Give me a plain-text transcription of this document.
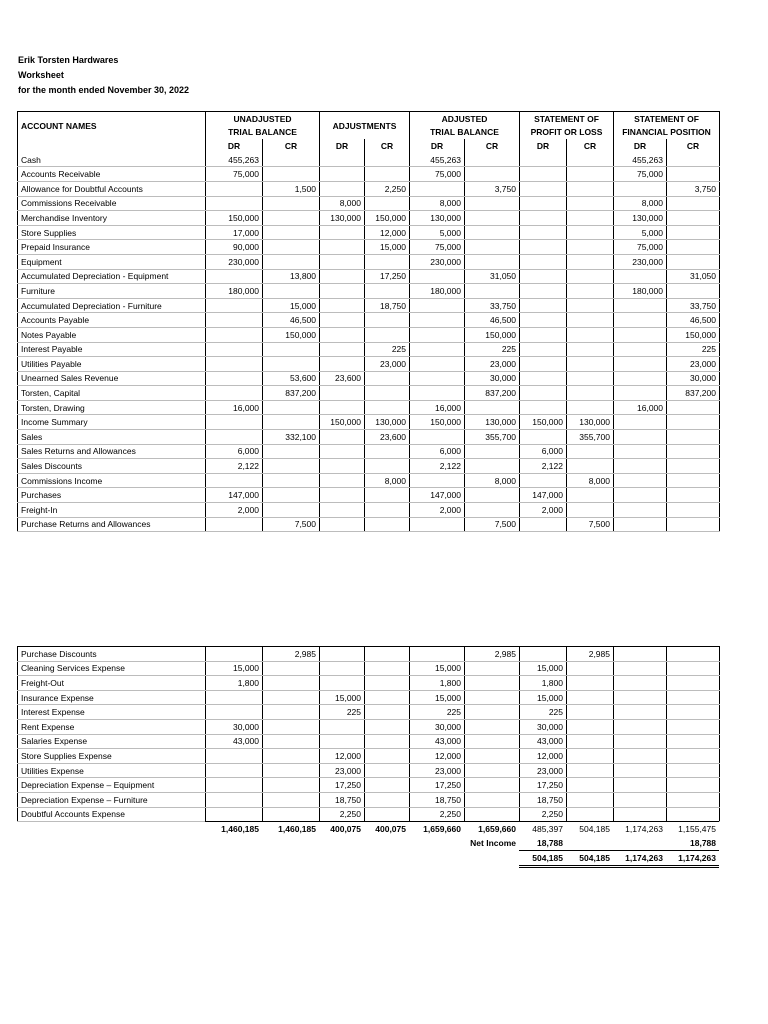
Erik Torsten Hardwares
Worksheet
for the month ended November 30, 2022
ACCOUNT NAMES	UNADJUSTED		ADJUSTMENTS		ADJUSTED		STATEMENT OF		STATEMENT OF	
	TRIAL BALANCE				TRIAL BALANCE		PROFIT OR LOSS		FINANCIAL POSITION	
	DR	CR	DR	CR	DR	CR	DR	CR	DR	CR
Cash	455,263				455,263				455,263	
Accounts Receivable	75,000				75,000				75,000	
Allowance for Doubtful Accounts		1,500		2,250		3,750				3,750
Commissions Receivable			8,000		8,000				8,000	
Merchandise Inventory	150,000		130,000	150,000	130,000				130,000	
Store Supplies	17,000			12,000	5,000				5,000	
Prepaid Insurance	90,000			15,000	75,000				75,000	
Equipment	230,000				230,000				230,000	
Accumulated Depreciation - Equipment		13,800		17,250		31,050				31,050
Furniture	180,000				180,000				180,000	
Accumulated Depreciation - Furniture		15,000		18,750		33,750				33,750
Accounts Payable		46,500				46,500				46,500
Notes Payable		150,000				150,000				150,000
Interest Payable				225		225				225
Utilities Payable				23,000		23,000				23,000
Unearned Sales Revenue		53,600	23,600			30,000				30,000
Torsten, Capital		837,200				837,200				837,200
Torsten, Drawing	16,000				16,000				16,000	
Income Summary			150,000	130,000	150,000	130,000	150,000	130,000		
Sales		332,100		23,600		355,700		355,700		
Sales Returns and Allowances	6,000				6,000		6,000			
Sales Discounts	2,122				2,122		2,122			
Commissions Income				8,000		8,000		8,000		
Purchases	147,000				147,000		147,000			
Freight-In	2,000				2,000		2,000			
Purchase Returns and Allowances		7,500				7,500		7,500		
Purchase Discounts		2,985				2,985		2,985		
Cleaning Services Expense	15,000				15,000		15,000			
Freight-Out	1,800				1,800		1,800			
Insurance Expense			15,000		15,000		15,000			
Interest Expense			225		225		225			
Rent Expense	30,000				30,000		30,000			
Salaries Expense	43,000				43,000		43,000			
Store Supplies Expense			12,000		12,000		12,000			
Utilities Expense			23,000		23,000		23,000			
Depreciation Expense – Equipment			17,250		17,250		17,250			
Depreciation Expense – Furniture			18,750		18,750		18,750			
Doubtful Accounts Expense			2,250		2,250		2,250			
	1,460,185	1,460,185	400,075	400,075	1,659,660	1,659,660	485,397	504,185	1,174,263	1,155,475
						Net Income	18,788			18,788
							504,185	504,185	1,174,263	1,174,263
